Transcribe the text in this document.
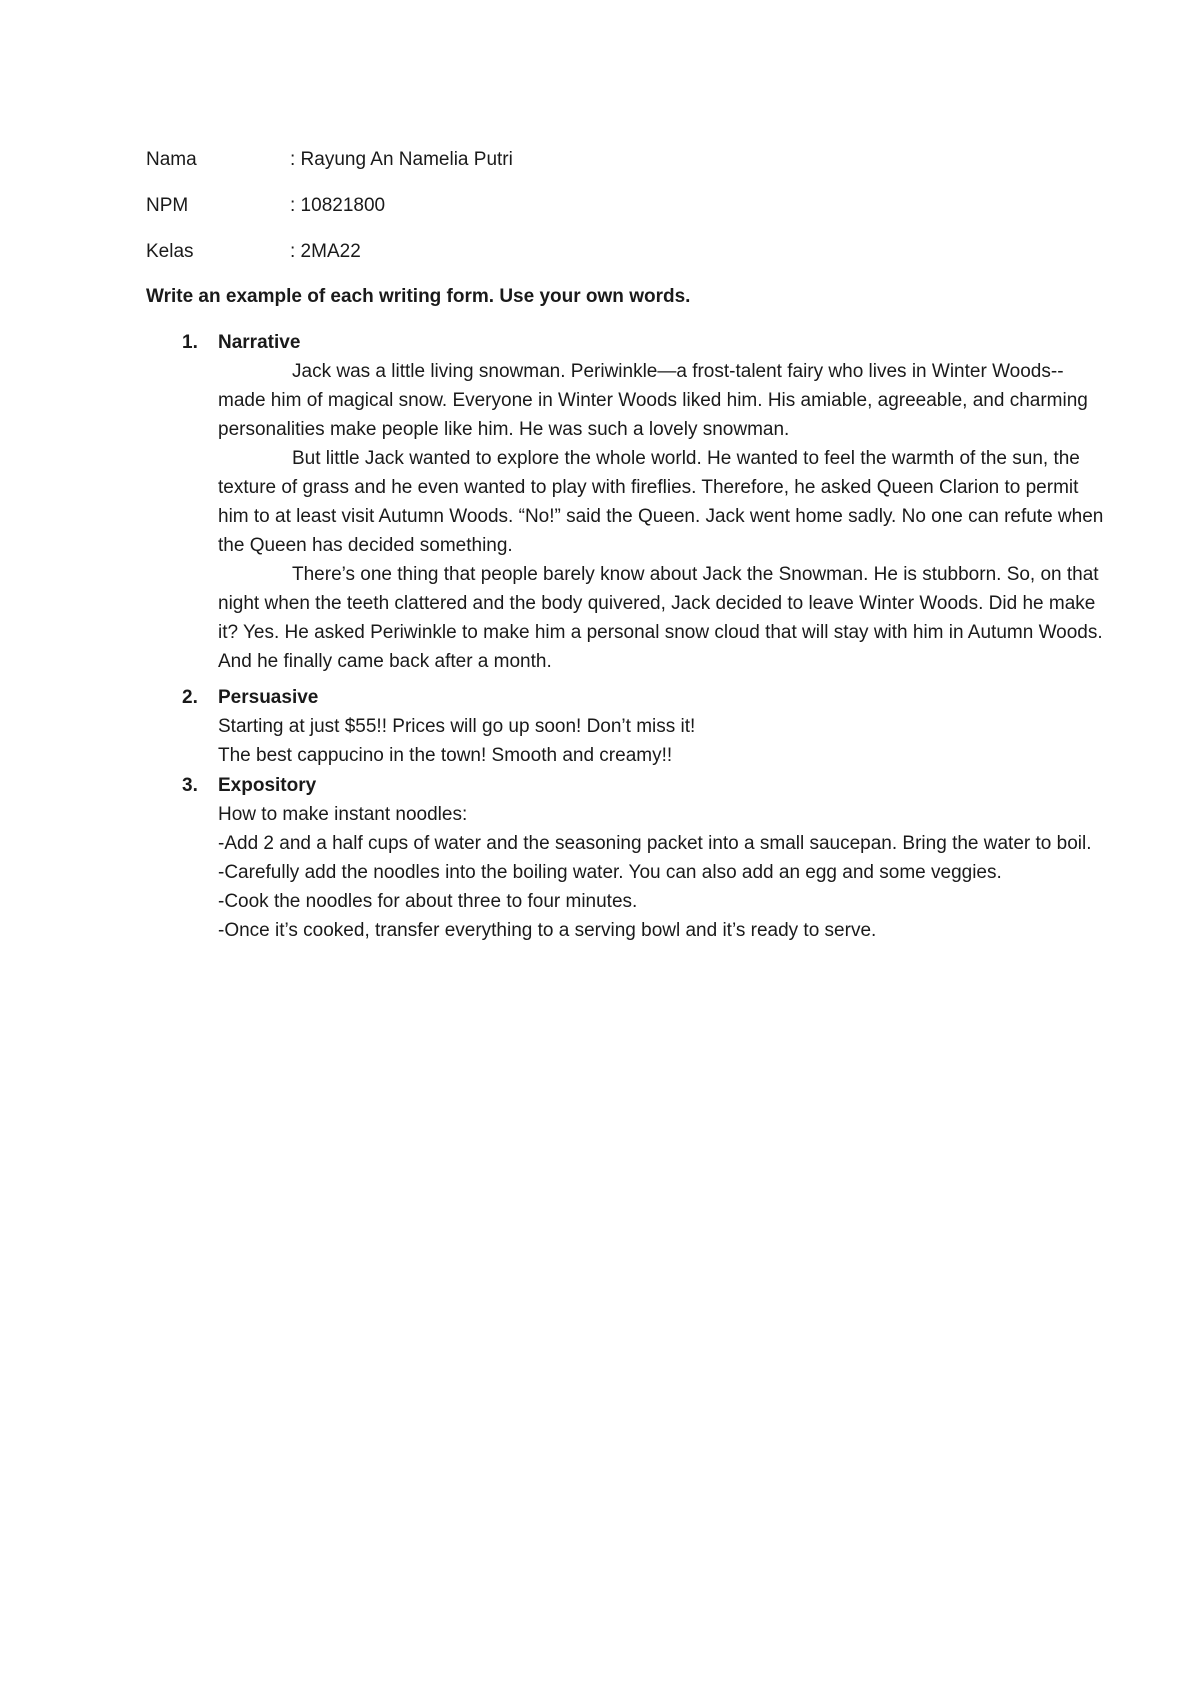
Nama	: Rayung An Namelia Putri
NPM	: 10821800
Kelas	: 2MA22
Write an example of each writing form. Use your own words.
1. Narrative
Jack was a little living snowman. Periwinkle—a frost-talent fairy who lives in Winter Woods--made him of magical snow. Everyone in Winter Woods liked him. His amiable, agreeable, and charming personalities make people like him. He was such a lovely snowman.
But little Jack wanted to explore the whole world. He wanted to feel the warmth of the sun, the texture of grass and he even wanted to play with fireflies. Therefore, he asked Queen Clarion to permit him to at least visit Autumn Woods. “No!” said the Queen. Jack went home sadly. No one can refute when the Queen has decided something.
There’s one thing that people barely know about Jack the Snowman. He is stubborn. So, on that night when the teeth clattered and the body quivered, Jack decided to leave Winter Woods. Did he make it? Yes. He asked Periwinkle to make him a personal snow cloud that will stay with him in Autumn Woods. And he finally came back after a month.
2. Persuasive
Starting at just $55!! Prices will go up soon! Don’t miss it!
The best cappucino in the town! Smooth and creamy!!
3. Expository
How to make instant noodles:
-Add 2 and a half cups of water and the seasoning packet into a small saucepan. Bring the water to boil.
-Carefully add the noodles into the boiling water. You can also add an egg and some veggies.
-Cook the noodles for about three to four minutes.
-Once it’s cooked, transfer everything to a serving bowl and it’s ready to serve.
